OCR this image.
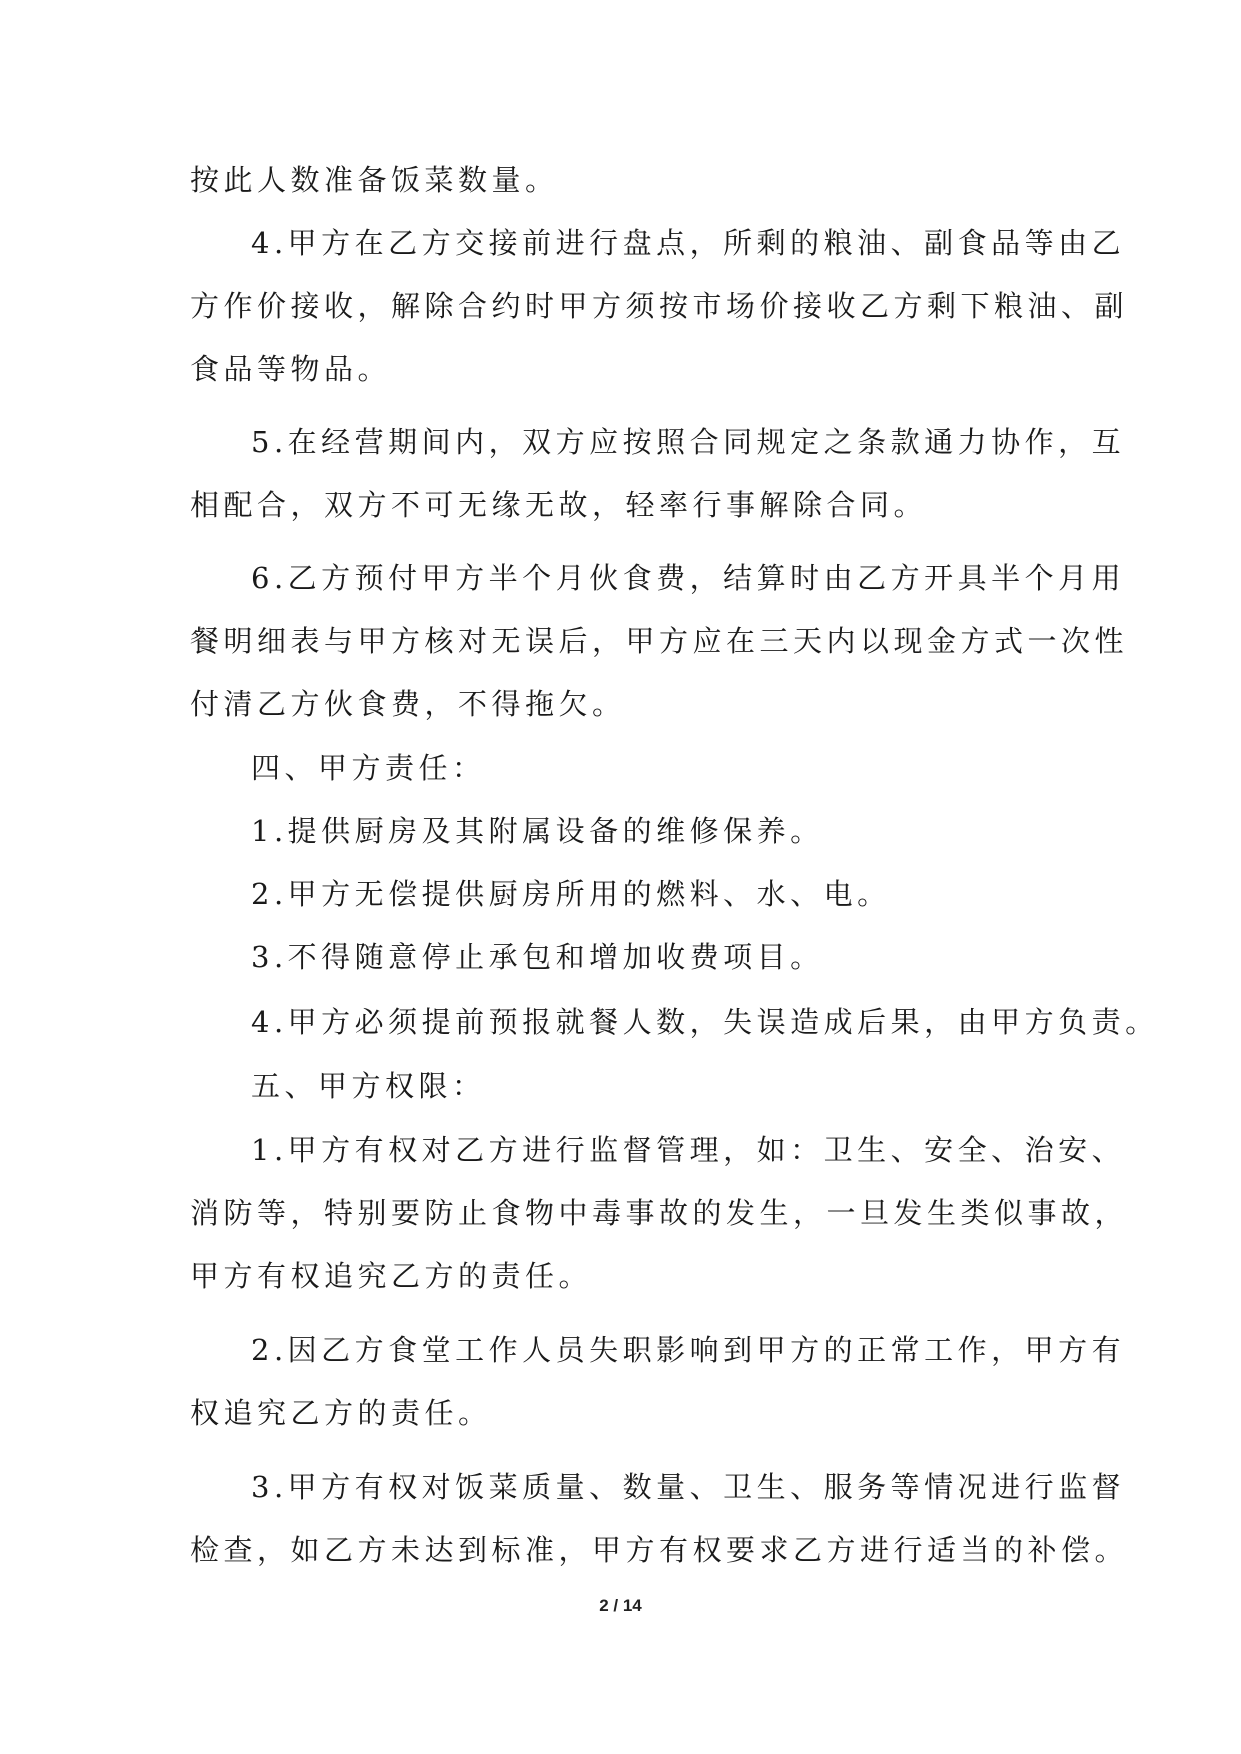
按此人数准备饭菜数量。
4.甲方在乙方交接前进行盘点，所剩的粮油、副食品等由乙
方作价接收，解除合约时甲方须按市场价接收乙方剩下粮油、副
食品等物品。
5.在经营期间内，双方应按照合同规定之条款通力协作，互
相配合，双方不可无缘无故，轻率行事解除合同。
6.乙方预付甲方半个月伙食费，结算时由乙方开具半个月用
餐明细表与甲方核对无误后，甲方应在三天内以现金方式一次性
付清乙方伙食费，不得拖欠。
四、甲方责任：
1.提供厨房及其附属设备的维修保养。
2.甲方无偿提供厨房所用的燃料、水、电。
3.不得随意停止承包和增加收费项目。
4.甲方必须提前预报就餐人数，失误造成后果，由甲方负责。
五、甲方权限：
1.甲方有权对乙方进行监督管理，如：卫生、安全、治安、
消防等，特别要防止食物中毒事故的发生，一旦发生类似事故，
甲方有权追究乙方的责任。
2.因乙方食堂工作人员失职影响到甲方的正常工作，甲方有
权追究乙方的责任。
3.甲方有权对饭菜质量、数量、卫生、服务等情况进行监督
检查，如乙方未达到标准，甲方有权要求乙方进行适当的补偿。
2 / 14
